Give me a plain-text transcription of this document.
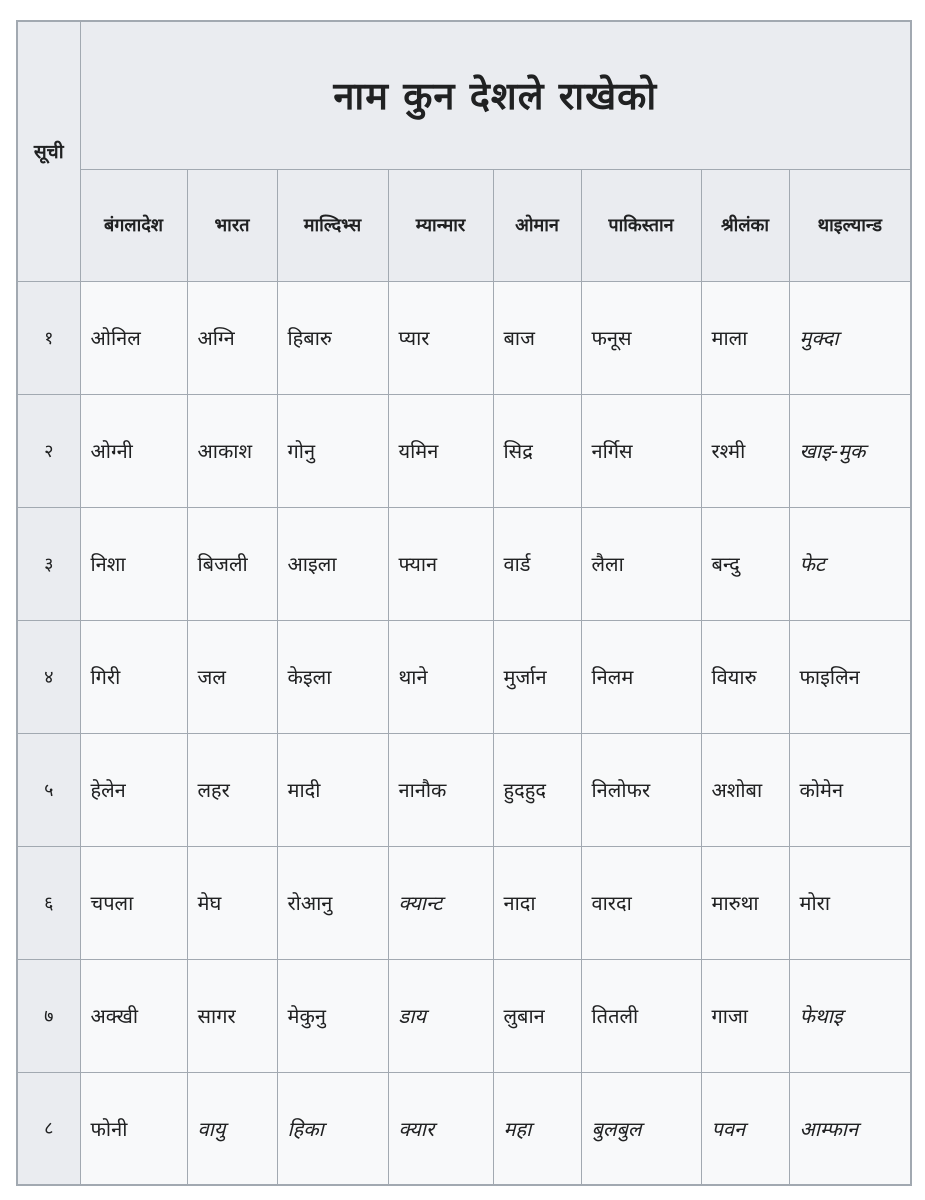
सूची	नाम कुन देशले राखेको							
	बंगलादेश	भारत	माल्दिभ्स	म्यान्मार	ओमान	पाकिस्तान	श्रीलंका	थाइल्यान्ड
१	ओनिल	अग्नि	हिबारु	प्यार	बाज	फनूस	माला	मुक्दा
२	ओग्नी	आकाश	गोनु	यमिन	सिद्र	नर्गिस	रश्मी	खाइ-मुक
३	निशा	बिजली	आइला	फ्यान	वार्ड	लैला	बन्दु	फेट
४	गिरी	जल	केइला	थाने	मुर्जान	निलम	वियारु	फाइलिन
५	हेलेन	लहर	मादी	नानौक	हुदहुद	निलोफर	अशोबा	कोमेन
६	चपला	मेघ	रोआनु	क्यान्ट	नादा	वारदा	मारुथा	मोरा
७	अक्खी	सागर	मेकुनु	डाय	लुबान	तितली	गाजा	फेथाइ
८	फोनी	वायु	हिका	क्यार	महा	बुलबुल	पवन	आम्फान
